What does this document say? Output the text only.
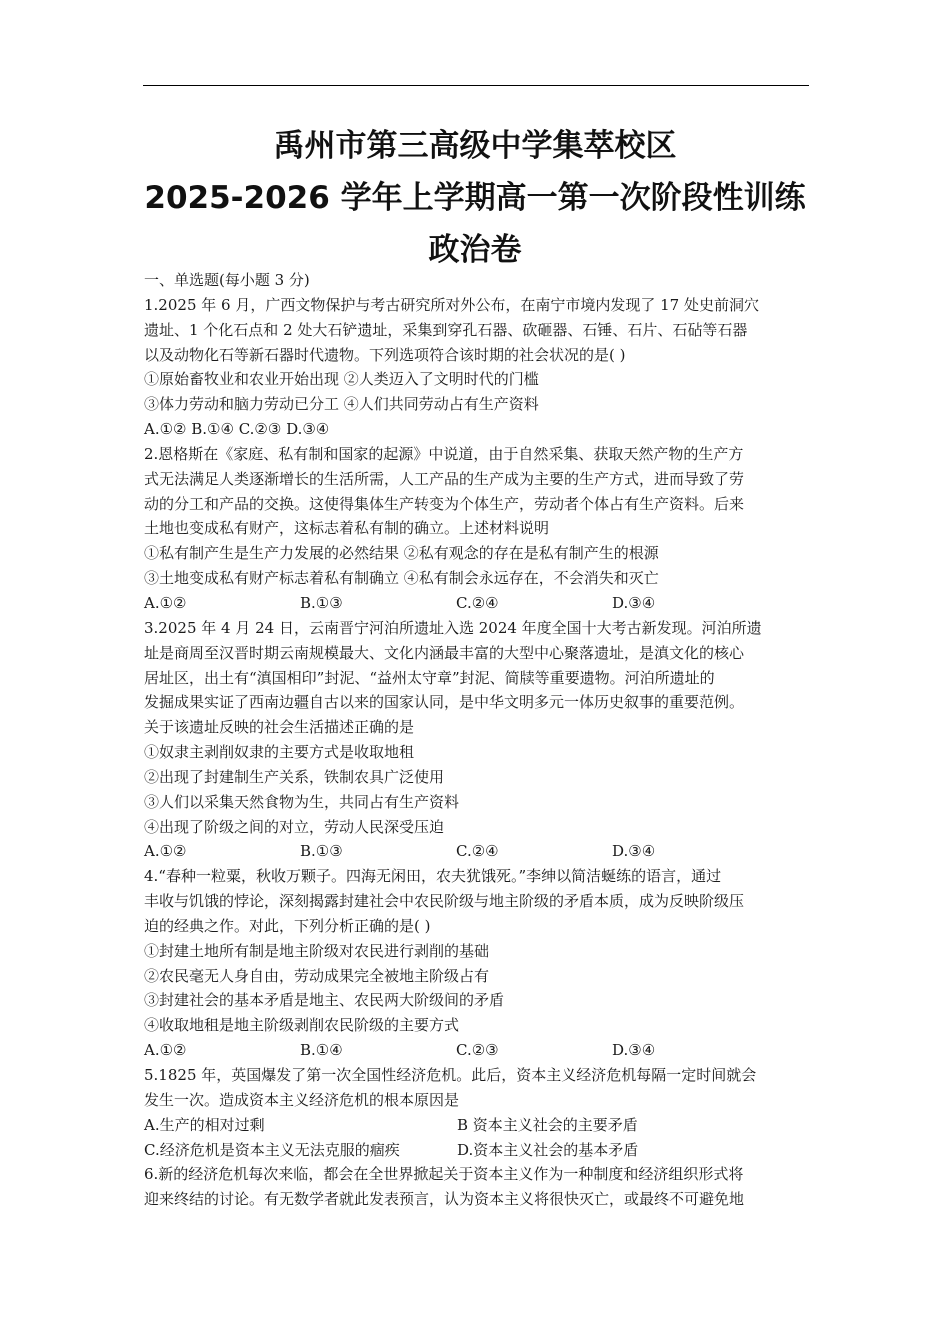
禹州市第三高级中学集萃校区
2025-2026 学年上学期高一第一次阶段性训练
政治卷
一、单选题(每小题 3 分)
1.2025 年 6 月，广西文物保护与考古研究所对外公布，在南宁市境内发现了 17 处史前洞穴
遗址、1 个化石点和 2 处大石铲遗址，采集到穿孔石器、砍砸器、石锤、石片、石砧等石器
以及动物化石等新石器时代遗物。下列选项符合该时期的社会状况的是( )
①原始畜牧业和农业开始出现 ②人类迈入了文明时代的门槛
③体力劳动和脑力劳动已分工 ④人们共同劳动占有生产资料
A.①② B.①④ C.②③ D.③④
2.恩格斯在《家庭、私有制和国家的起源》中说道，由于自然采集、获取天然产物的生产方
式无法满足人类逐渐增长的生活所需，人工产品的生产成为主要的生产方式，进而导致了劳
动的分工和产品的交换。这使得集体生产转变为个体生产，劳动者个体占有生产资料。后来
土地也变成私有财产，这标志着私有制的确立。上述材料说明
①私有制产生是生产力发展的必然结果 ②私有观念的存在是私有制产生的根源
③土地变成私有财产标志着私有制确立 ④私有制会永远存在，不会消失和灭亡
A.①②	B.①③	C.②④	D.③④
3.2025 年 4 月 24 日，云南晋宁河泊所遗址入选 2024 年度全国十大考古新发现。河泊所遗
址是商周至汉晋时期云南规模最大、文化内涵最丰富的大型中心聚落遗址，是滇文化的核心
居址区，出土有“滇国相印”封泥、“益州太守章”封泥、简牍等重要遗物。河泊所遗址的
发掘成果实证了西南边疆自古以来的国家认同，是中华文明多元一体历史叙事的重要范例。
关于该遗址反映的社会生活描述正确的是
①奴隶主剥削奴隶的主要方式是收取地租
②出现了封建制生产关系，铁制农具广泛使用
③人们以采集天然食物为生，共同占有生产资料
④出现了阶级之间的对立，劳动人民深受压迫
A.①②	B.①③	C.②④	D.③④
4.“春种一粒粟，秋收万颗子。四海无闲田，农夫犹饿死。”李绅以简洁蜒练的语言，通过
丰收与饥饿的悖论，深刻揭露封建社会中农民阶级与地主阶级的矛盾本质，成为反映阶级压
迫的经典之作。对此，下列分析正确的是( )
①封建土地所有制是地主阶级对农民进行剥削的基础
②农民毫无人身自由，劳动成果完全被地主阶级占有
③封建社会的基本矛盾是地主、农民两大阶级间的矛盾
④收取地租是地主阶级剥削农民阶级的主要方式
A.①②	B.①④	C.②③	D.③④
5.1825 年，英国爆发了第一次全国性经济危机。此后，资本主义经济危机每隔一定时间就会
发生一次。造成资本主义经济危机的根本原因是
A.生产的相对过剩	B 资本主义社会的主要矛盾
C.经济危机是资本主义无法克服的痼疾	D.资本主义社会的基本矛盾
6.新的经济危机每次来临，都会在全世界掀起关于资本主义作为一种制度和经济组织形式将
迎来终结的讨论。有无数学者就此发表预言，认为资本主义将很快灭亡，或最终不可避免地
